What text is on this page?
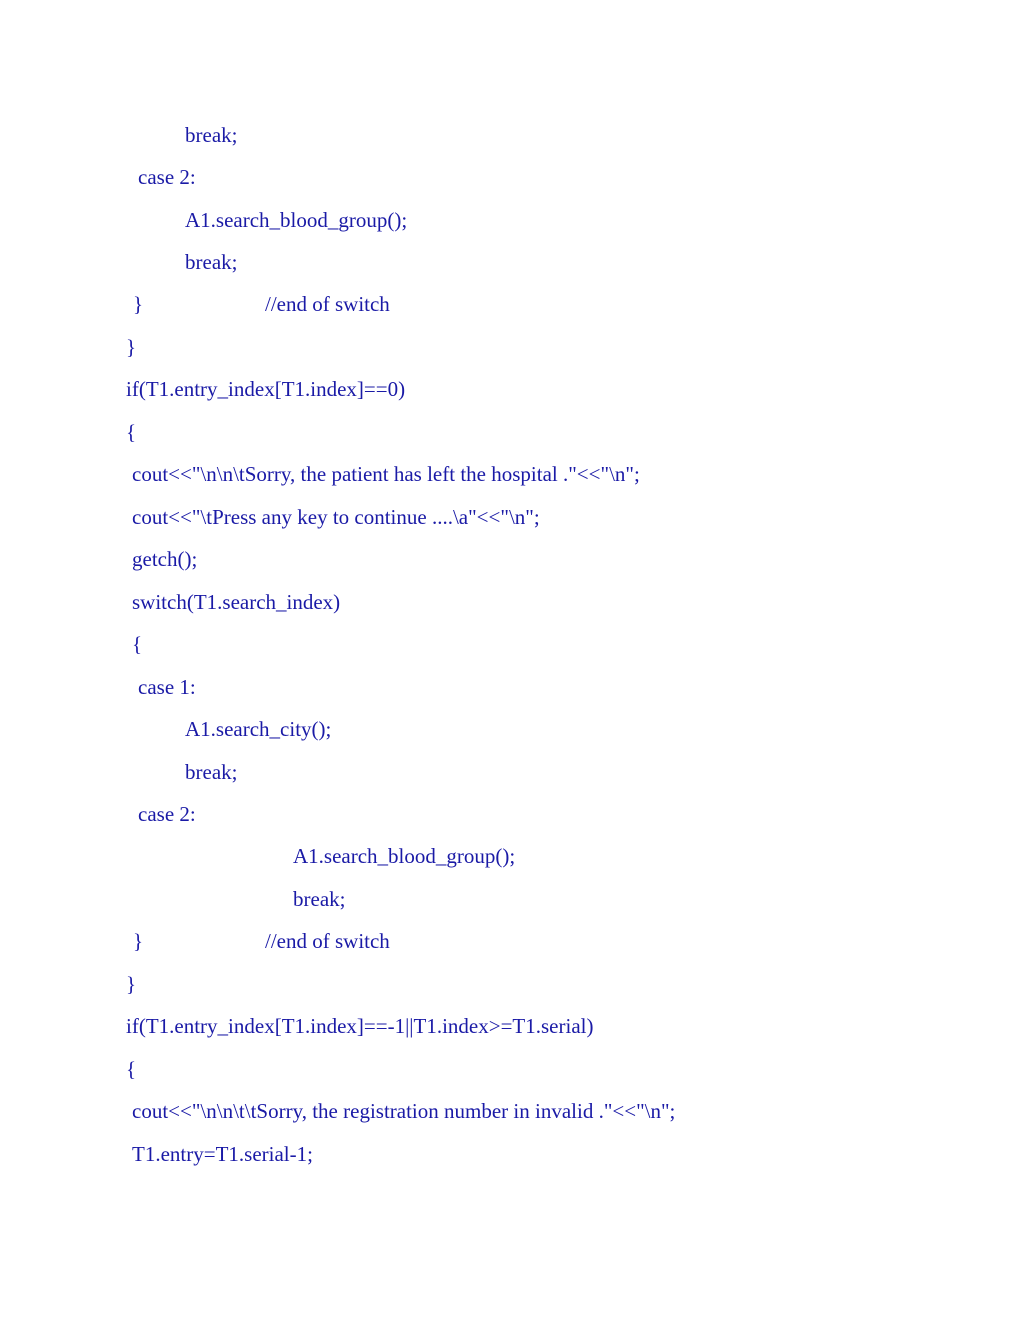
break;
case 2:
A1.search_blood_group();
break;
}	//end of switch
}
if(T1.entry_index[T1.index]==0)
{
cout<<"\n\n\tSorry, the patient has left the hospital ."<<"\n";
cout<<"\tPress any key to continue ....\a"<<"\n";
getch();
switch(T1.search_index)
{
case 1:
A1.search_city();
break;
case 2:
A1.search_blood_group();
break;
}	//end of switch
}
if(T1.entry_index[T1.index]==-1||T1.index>=T1.serial)
{
cout<<"\n\n\t\tSorry, the registration number in invalid ."<<"\n";
T1.entry=T1.serial-1;
